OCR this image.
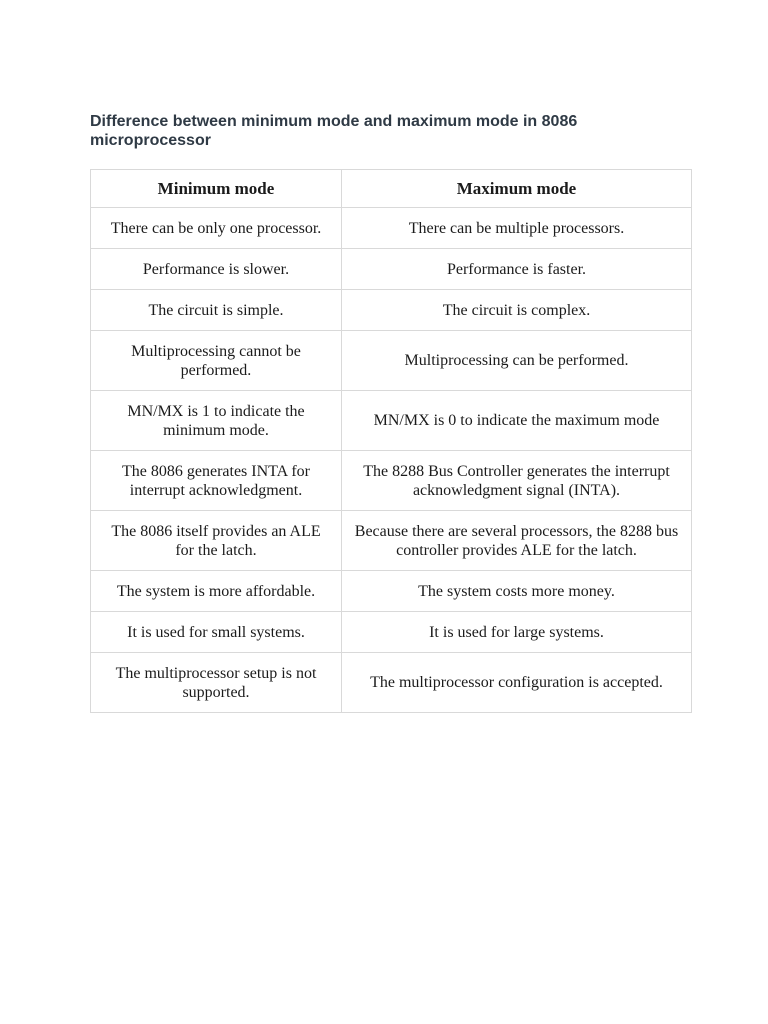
Difference between minimum mode and maximum mode in 8086 microprocessor
Minimum mode	Maximum mode
There can be only one processor.	There can be multiple processors.
Performance is slower.	Performance is faster.
The circuit is simple.	The circuit is complex.
Multiprocessing cannot be performed.	Multiprocessing can be performed.
MN/MX is 1 to indicate the minimum mode.	MN/MX is 0 to indicate the maximum mode
The 8086 generates INTA for interrupt acknowledgment.	The 8288 Bus Controller generates the interrupt acknowledgment signal (INTA).
The 8086 itself provides an ALE for the latch.	Because there are several processors, the 8288 bus controller provides ALE for the latch.
The system is more affordable.	The system costs more money.
It is used for small systems.	It is used for large systems.
The multiprocessor setup is not supported.	The multiprocessor configuration is accepted.
